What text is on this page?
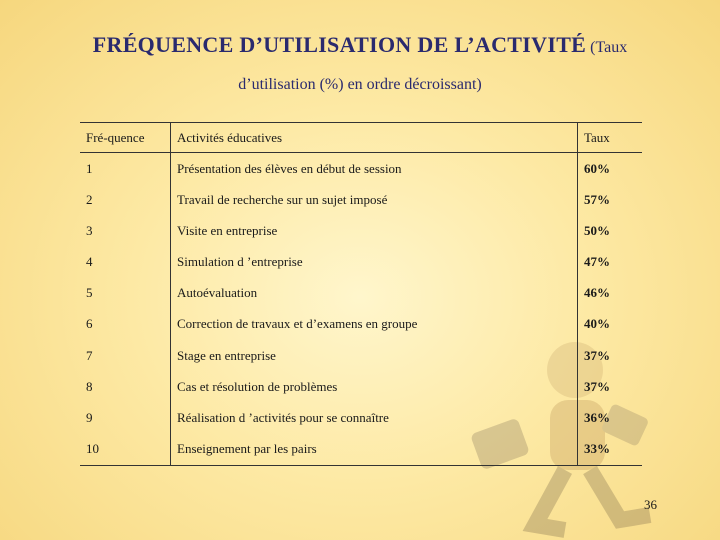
FRÉQUENCE D’UTILISATION DE L’ACTIVITÉ (Taux
d’utilisation (%) en ordre décroissant)
Fré-quence	Activités éducatives	Taux
1	Présentation des élèves en début de session	60%
2	Travail de recherche sur un sujet imposé	57%
3	Visite en entreprise	50%
4	Simulation d ’entreprise	47%
5	Autoévaluation	46%
6	Correction de travaux et d’examens en groupe	40%
7	Stage en entreprise	37%
8	Cas et résolution de problèmes	37%
9	Réalisation d ’activités pour se connaître	36%
10	Enseignement par les pairs	33%
36
